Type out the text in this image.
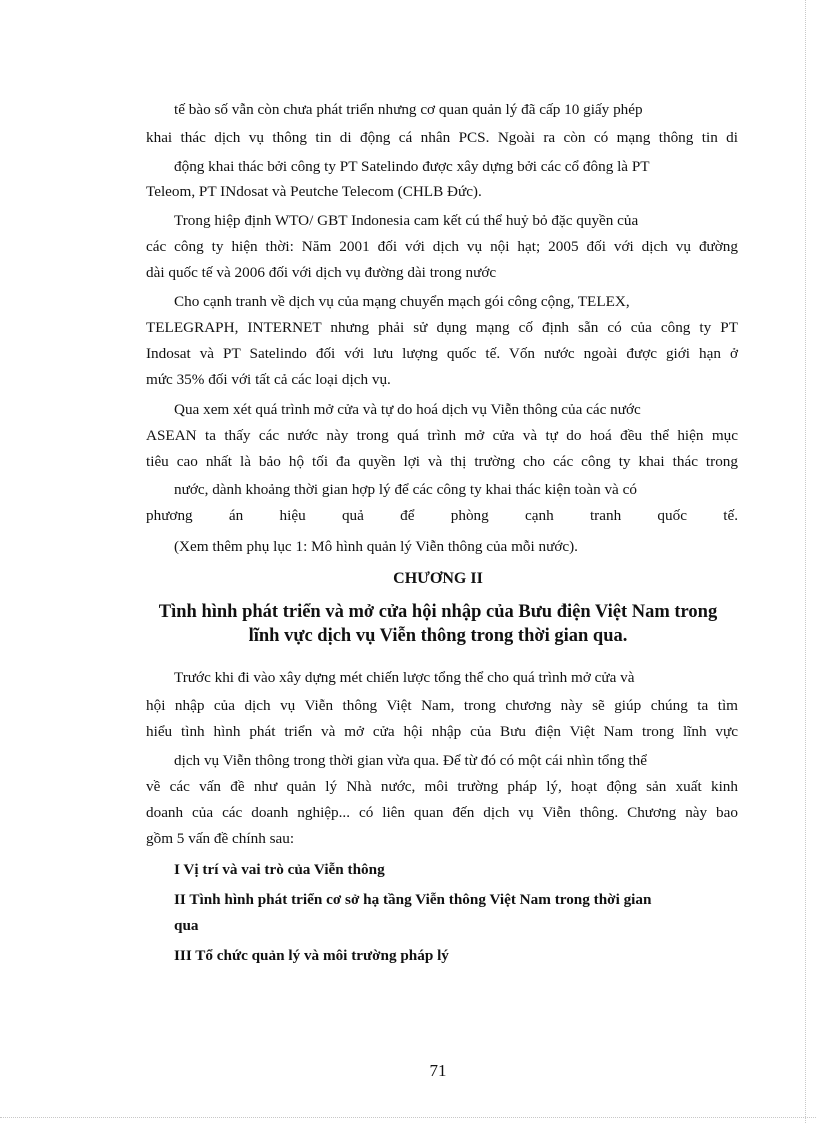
tế bào số vẫn còn chưa phát triển nhưng cơ quan quản lý đã cấp 10 giấy phép

khai thác dịch vụ thông tin di động cá nhân PCS. Ngoài ra còn có mạng thông tin di

động khai thác bởi công ty PT Satelindo được xây dựng bởi các cổ đông là PT

Teleom, PT INdosat và Peutche Telecom (CHLB Đức).

Trong hiệp định WTO/ GBT Indonesia cam kết cú thể huỷ bỏ đặc quyền của

các công ty hiện thời: Năm 2001 đối với dịch vụ nội hạt; 2005 đối với dịch vụ đường

dài quốc tế và 2006 đối với dịch vụ đường dài trong nước

Cho cạnh tranh về dịch vụ của mạng chuyển mạch gói công cộng, TELEX,

TELEGRAPH, INTERNET nhưng phải sử dụng mạng cố định sẵn có của công ty PT

Indosat và PT Satelindo đối với lưu lượng quốc tế. Vốn nước ngoài được giới hạn ở

mức 35% đối với tất cả các loại dịch vụ.

Qua xem xét quá trình mở cửa và tự do hoá dịch vụ Viễn thông của các nước

ASEAN ta thấy các nước này trong quá trình mở cửa và tự do hoá đều thể hiện mục

tiêu cao nhất là bảo hộ tối đa quyền lợi và thị trường cho các công ty khai thác trong

nước, dành khoảng thời gian hợp lý để các công ty khai thác kiện toàn và có

phương án hiệu quả để phòng cạnh tranh quốc tế.

(Xem thêm phụ lục 1: Mô hình quản lý Viễn thông của mỗi nước).

CHƯƠNG II
Tình hình phát triển và mở cửa hội nhập của Bưu điện Việt Nam trong
lĩnh vực dịch vụ Viễn thông trong thời gian qua.

Trước khi đi vào xây dựng mét chiến lược tổng thể cho quá trình mở cửa và

hội nhập của dịch vụ Viễn thông Việt Nam, trong chương này sẽ giúp chúng ta tìm

hiểu tình hình phát triển và mở cửa hội nhập của Bưu điện Việt Nam trong lĩnh vực

dịch vụ Viễn thông trong thời gian vừa qua. Để từ đó có một cái nhìn tổng thể

về các vấn đề như quản lý Nhà nước, môi trường pháp lý, hoạt động sản xuất kinh

doanh của các doanh nghiệp... có liên quan đến dịch vụ Viễn thông. Chương này bao

gồm 5 vấn đề chính sau:

I Vị trí và vai trò của Viễn thông

II Tình hình phát triển cơ sở hạ tầng Viễn thông Việt Nam trong thời gian

qua

III Tổ chức quản lý và môi trường pháp lý

71
